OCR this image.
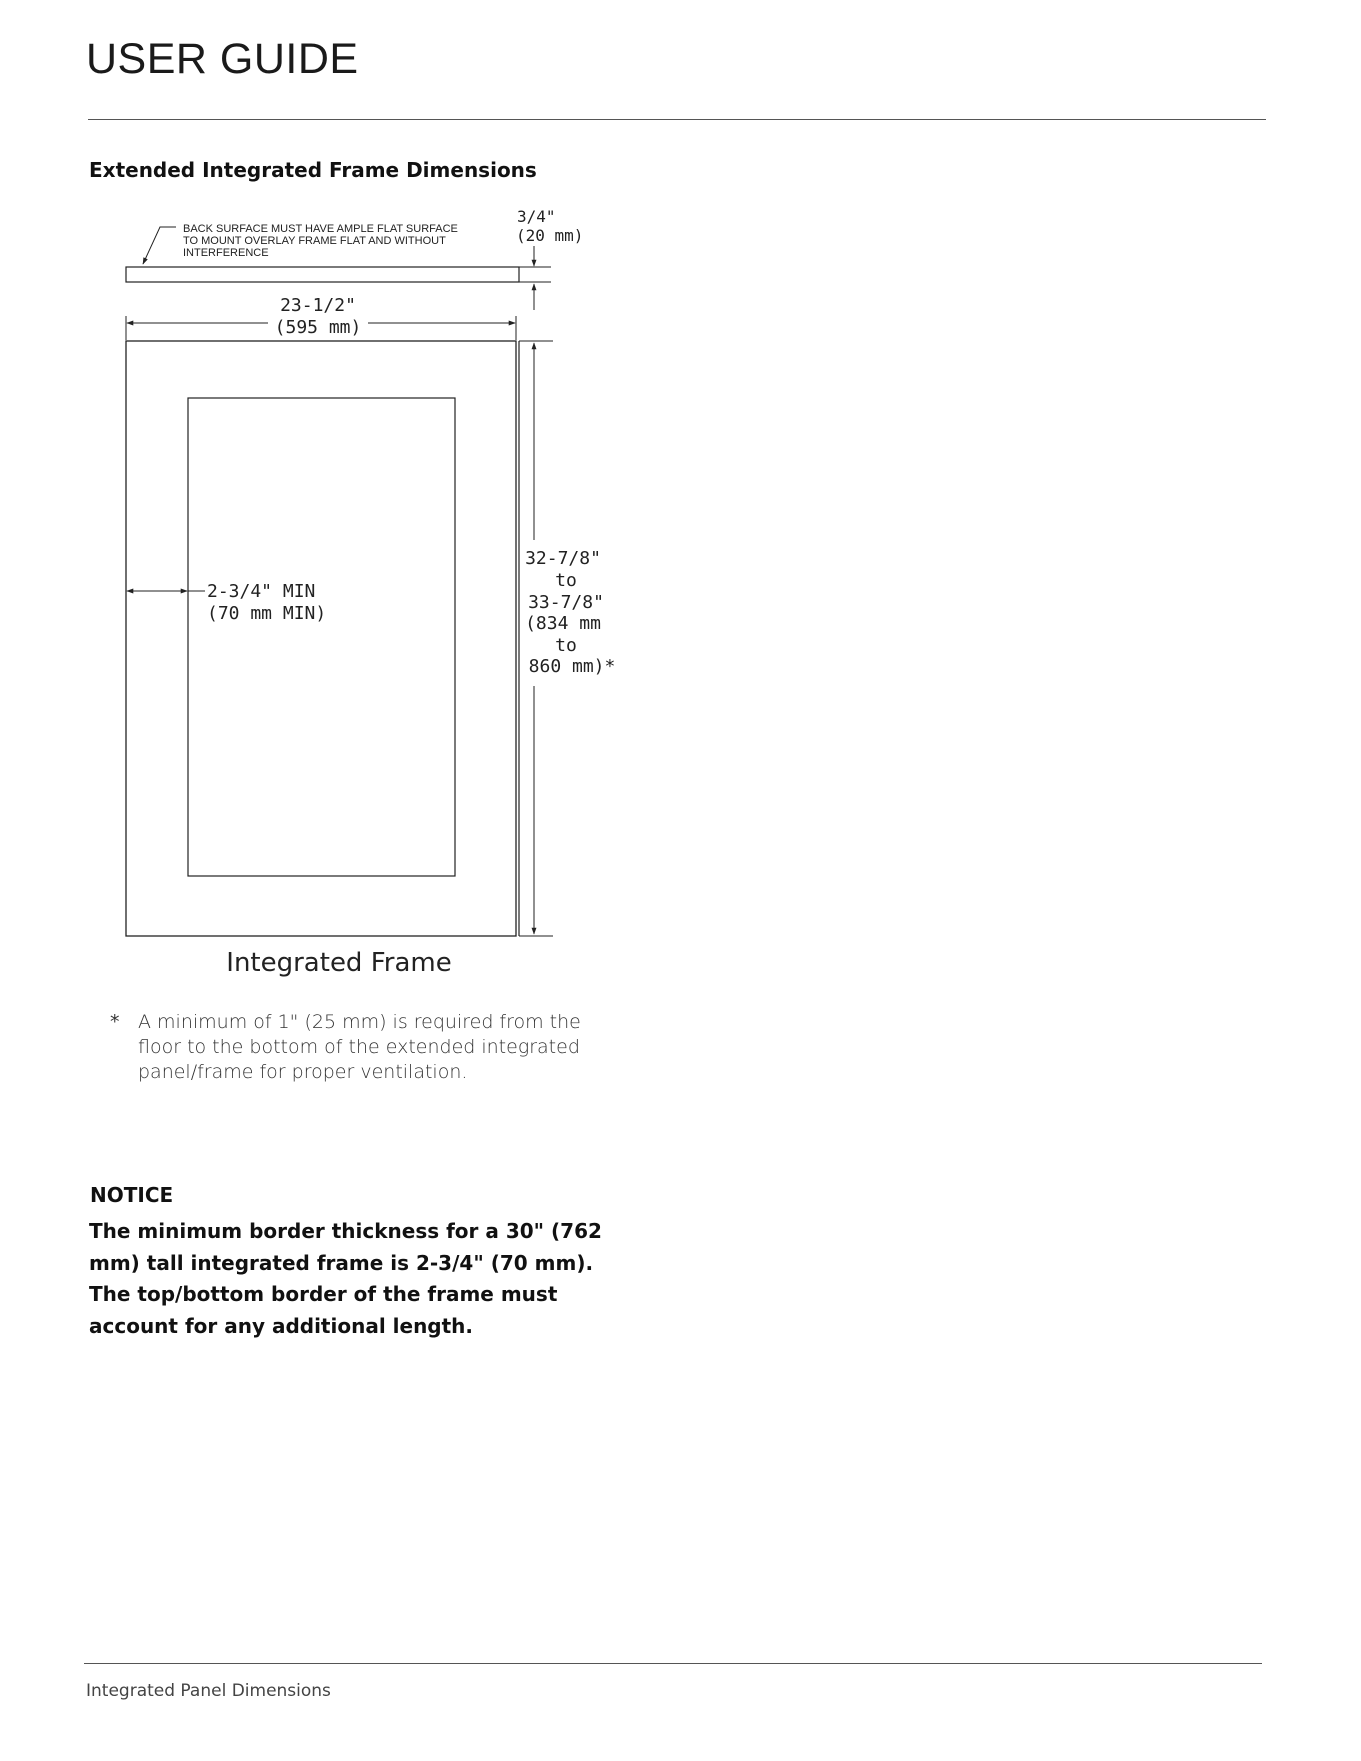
USER GUIDE
Extended Integrated Frame Dimensions
BACK SURFACE MUST HAVE AMPLE FLAT SURFACE
TO MOUNT OVERLAY FRAME FLAT AND WITHOUT
INTERFERENCE
3/4"
(20 mm)
23-1/2"
(595 mm)
2-3/4" MIN
(70 mm MIN)
32-7/8"
to
33-7/8"
(834 mm
to
860 mm)*
Integrated Frame
* A minimum of 1" (25 mm) is required from the floor to the bottom of the extended integrated panel/frame for proper ventilation.
NOTICE

The minimum border thickness for a 30" (762 mm) tall integrated frame is 2-3/4" (70 mm). The top/bottom border of the frame must account for any additional length.

Integrated Panel Dimensions
